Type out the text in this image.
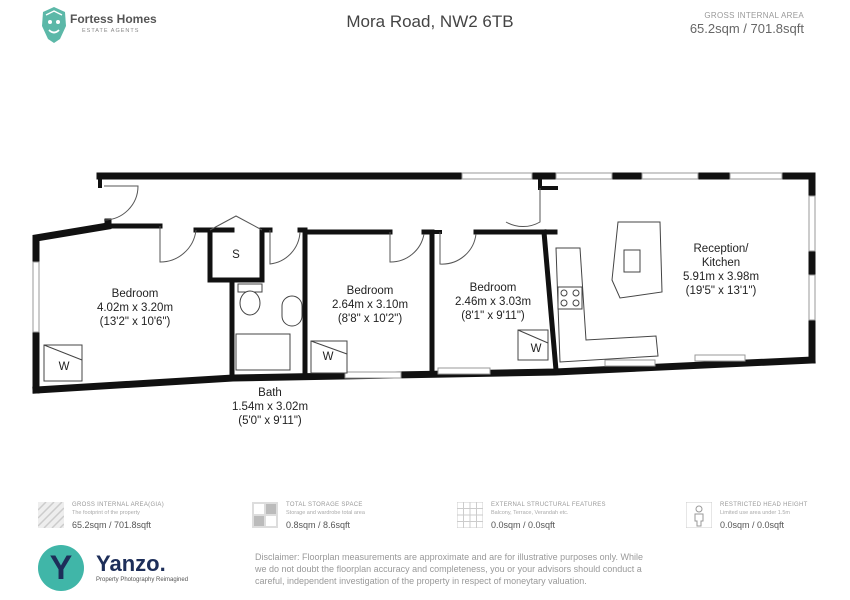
Fortess Homes
ESTATE AGENTS	Mora Road, NW2 6TB	GROSS INTERNAL AREA
65.2sqm / 701.8sqft
S
W
W
W
Bedroom
4.02m x 3.20m
(13'2" x 10'6")
Bedroom
2.64m x 3.10m
(8'8" x 10'2")
Bedroom
2.46m x 3.03m
(8'1" x 9'11")
Reception/
Kitchen
5.91m x 3.98m
(19'5" x 13'1")
Bath
1.54m x 3.02m
(5'0" x 9'11")
GROSS INTERNAL AREA(GIA)
The footprint of the property
65.2sqm / 701.8sqft
TOTAL STORAGE SPACE
Storage and wardrobe total area
0.8sqm / 8.6sqft
EXTERNAL STRUCTURAL FEATURES
Balcony, Terrace, Verandah etc.
0.0sqm / 0.0sqft
RESTRICTED HEAD HEIGHT
Limited use area under 1.5m
0.0sqm / 0.0sqft
Y	Yanzo.
Property Photography Reimagined
Disclaimer: Floorplan measurements are approximate and are for illustrative purposes only. While we do not doubt the floorplan accuracy and completeness, you or your advisors should conduct a careful, independent investigation of the property in respect of moneytary valuation.
